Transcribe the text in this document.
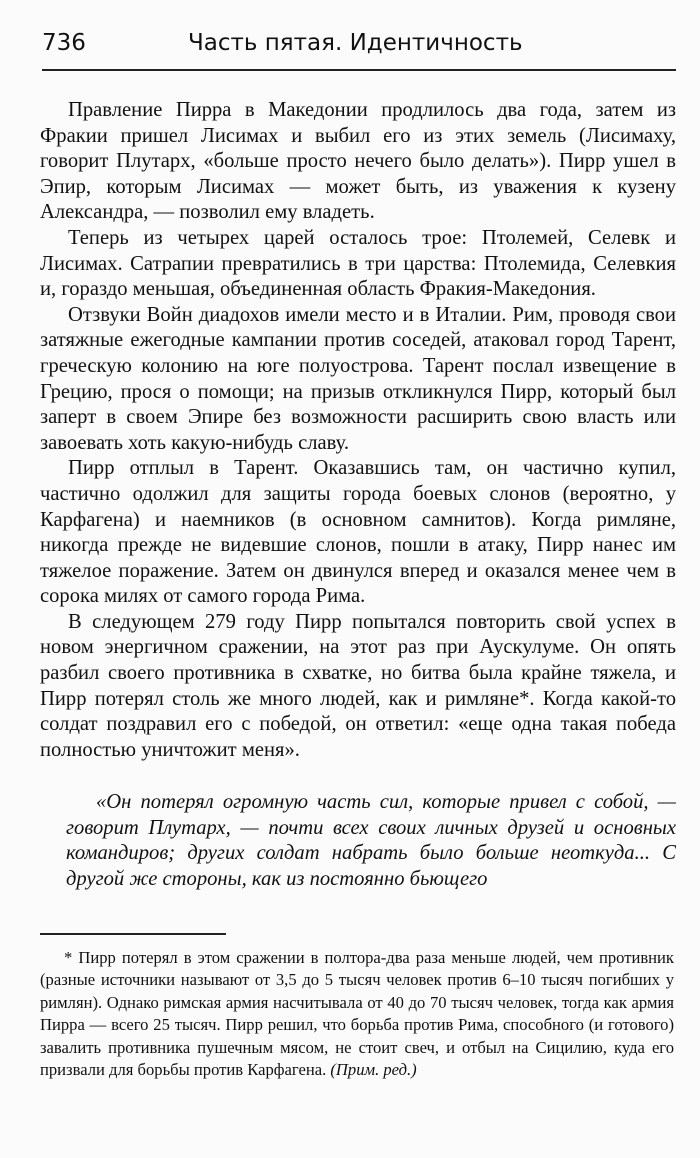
736	Часть пятая. Идентичность

Правление Пирра в Македонии продлилось два года, затем из Фракии пришел Лисимах и выбил его из этих земель (Лисимаху, говорит Плутарх, «больше просто нечего было делать»). Пирр ушел в Эпир, которым Лисимах — может быть, из уважения к кузену Александра, — позволил ему владеть.

Теперь из четырех царей осталось трое: Птолемей, Селевк и Лисимах. Сатрапии превратились в три царства: Птолемида, Селевкия и, гораздо меньшая, объединенная область Фракия-Македония.

Отзвуки Войн диадохов имели место и в Италии. Рим, проводя свои затяжные ежегодные кампании против соседей, атаковал город Тарент, греческую колонию на юге полуострова. Тарент послал извещение в Грецию, прося о помощи; на призыв откликнулся Пирр, который был заперт в своем Эпире без возможности расширить свою власть или завоевать хоть какую-нибудь славу.

Пирр отплыл в Тарент. Оказавшись там, он частично купил, частично одолжил для защиты города боевых слонов (вероятно, у Карфагена) и наемников (в основном самнитов). Когда римляне, никогда прежде не видевшие слонов, пошли в атаку, Пирр нанес им тяжелое поражение. Затем он двинулся вперед и оказался менее чем в сорока милях от самого города Рима.

В следующем 279 году Пирр попытался повторить свой успех в новом энергичном сражении, на этот раз при Аускулуме. Он опять разбил своего противника в схватке, но битва была крайне тяжела, и Пирр потерял столь же много людей, как и римляне*. Когда какой-то солдат поздравил его с победой, он ответил: «еще одна такая победа полностью уничтожит меня».

«Он потерял огромную часть сил, которые привел с собой, — говорит Плутарх, — почти всех своих личных друзей и основных командиров; других солдат набрать было больше неоткуда... С другой же стороны, как из постоянно бьющего

* Пирр потерял в этом сражении в полтора-два раза меньше людей, чем противник (разные источники называют от 3,5 до 5 тысяч человек против 6–10 тысяч погибших у римлян). Однако римская армия насчитывала от 40 до 70 тысяч человек, тогда как армия Пирра — всего 25 тысяч. Пирр решил, что борьба против Рима, способного (и готового) завалить противника пушечным мясом, не стоит свеч, и отбыл на Сицилию, куда его призвали для борьбы против Карфагена. (Прим. ред.)
